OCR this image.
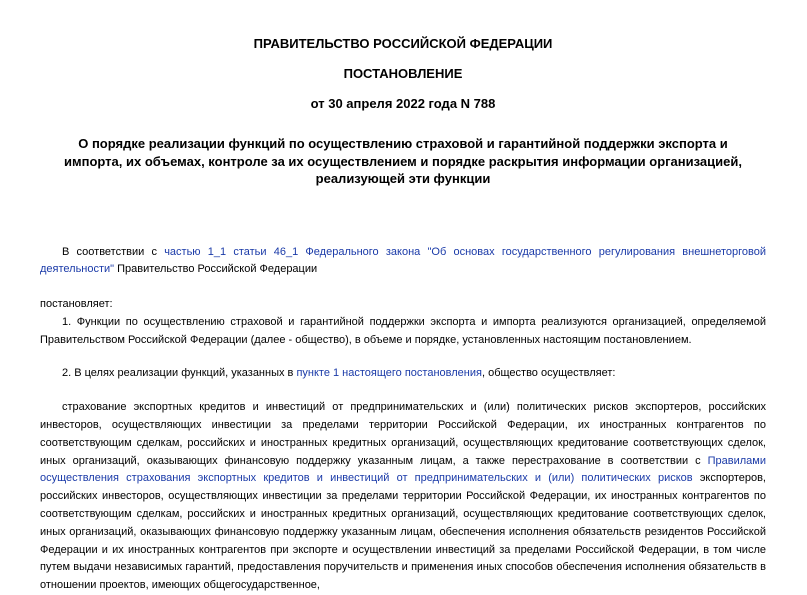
ПРАВИТЕЛЬСТВО РОССИЙСКОЙ ФЕДЕРАЦИИ

ПОСТАНОВЛЕНИЕ

от 30 апреля 2022 года N 788

О порядке реализации функций по осуществлению страховой и гарантийной поддержки экспорта и импорта, их объемах, контроле за их осуществлением и порядке раскрытия информации организацией, реализующей эти функции

В соответствии с частью 1_1 статьи 46_1 Федерального закона "Об основах государственного регулирования внешнеторговой деятельности" Правительство Российской Федерации

постановляет:

1. Функции по осуществлению страховой и гарантийной поддержки экспорта и импорта реализуются организацией, определяемой Правительством Российской Федерации (далее - общество), в объеме и порядке, установленных настоящим постановлением.

2. В целях реализации функций, указанных в пункте 1 настоящего постановления, общество осуществляет:

страхование экспортных кредитов и инвестиций от предпринимательских и (или) политических рисков экспортеров, российских инвесторов, осуществляющих инвестиции за пределами территории Российской Федерации, их иностранных контрагентов по соответствующим сделкам, российских и иностранных кредитных организаций, осуществляющих кредитование соответствующих сделок, иных организаций, оказывающих финансовую поддержку указанным лицам, а также перестрахование в соответствии с Правилами осуществления страхования экспортных кредитов и инвестиций от предпринимательских и (или) политических рисков экспортеров, российских инвесторов, осуществляющих инвестиции за пределами территории Российской Федерации, их иностранных контрагентов по соответствующим сделкам, российских и иностранных кредитных организаций, осуществляющих кредитование соответствующих сделок, иных организаций, оказывающих финансовую поддержку указанным лицам, обеспечения исполнения обязательств резидентов Российской Федерации и их иностранных контрагентов при экспорте и осуществлении инвестиций за пределами Российской Федерации, в том числе путем выдачи независимых гарантий, предоставления поручительств и применения иных способов обеспечения исполнения обязательств в отношении проектов, имеющих общегосударственное,
